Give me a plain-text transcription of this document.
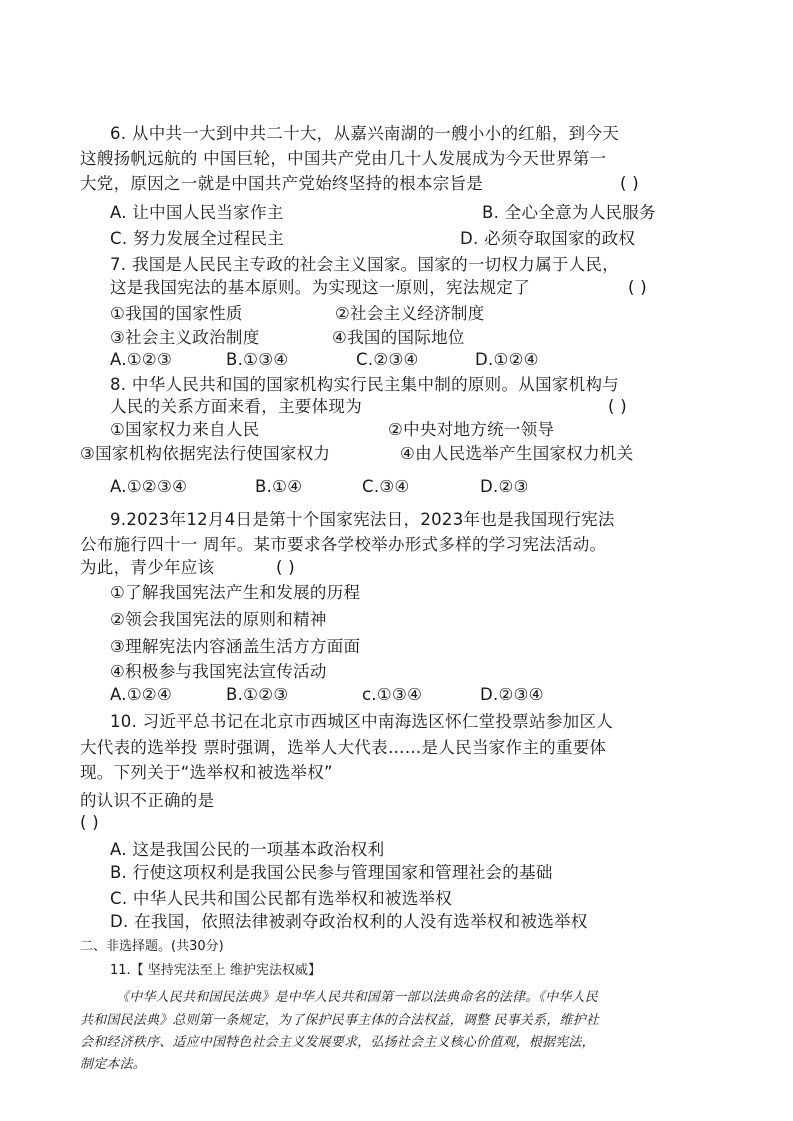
6. 从中共一大到中共二十大，从嘉兴南湖的一艘小小的红船，到今天
这艘扬帆远航的 中国巨轮，中国共产党由几十人发展成为今天世界第一
大党，原因之一就是中国共产党始终坚持的根本宗旨是	( )
A. 让中国人民当家作主	B. 全心全意为人民服务
C. 努力发展全过程民主	D. 必须夺取国家的政权
7. 我国是人民民主专政的社会主义国家。国家的一切权力属于人民，
这是我国宪法的基本原则。为实现这一原则，宪法规定了	( )
①我国的国家性质	②社会主义经济制度
③社会主义政治制度	④我国的国际地位
A.①②③	B.①③④	C.②③④	D.①②④
8. 中华人民共和国的国家机构实行民主集中制的原则。从国家机构与
人民的关系方面来看，主要体现为	( )
①国家权力来自人民	②中央对地方统一领导
③国家机构依据宪法行使国家权力	④由人民选举产生国家权力机关
A.①②③④	B.①④	C.③④	D.②③
9.2023年12月4日是第十个国家宪法日，2023年也是我国现行宪法
公布施行四十一 周年。某市要求各学校举办形式多样的学习宪法活动。
为此，青少年应该	( )
①了解我国宪法产生和发展的历程
②领会我国宪法的原则和精神
③理解宪法内容涵盖生活方方面面
④积极参与我国宪法宣传活动
A.①②④	B.①②③	c.①③④	D.②③④
10. 习近平总书记在北京市西城区中南海选区怀仁堂投票站参加区人
大代表的选举投 票时强调，选举人大代表……是人民当家作主的重要体
现。下列关于“选举权和被选举权”
的认识不正确的是
( )
A. 这是我国公民的一项基本政治权利
B. 行使这项权利是我国公民参与管理国家和管理社会的基础
C. 中华人民共和国公民都有选举权和被选举权
D. 在我国，依照法律被剥夺政治权利的人没有选举权和被选举权
二、非选择题。(共30分)
11.【 坚持宪法至上 维护宪法权威】
《中华人民共和国民法典》是中华人民共和国第一部以法典命名的法律。《中华人民
共和国民法典》总则第一条规定，为了保护民事主体的合法权益，调整 民事关系，维护社
会和经济秩序、适应中国特色社会主义发展要求，弘扬社会主义核心价值观，根据宪法，
制定本法。
